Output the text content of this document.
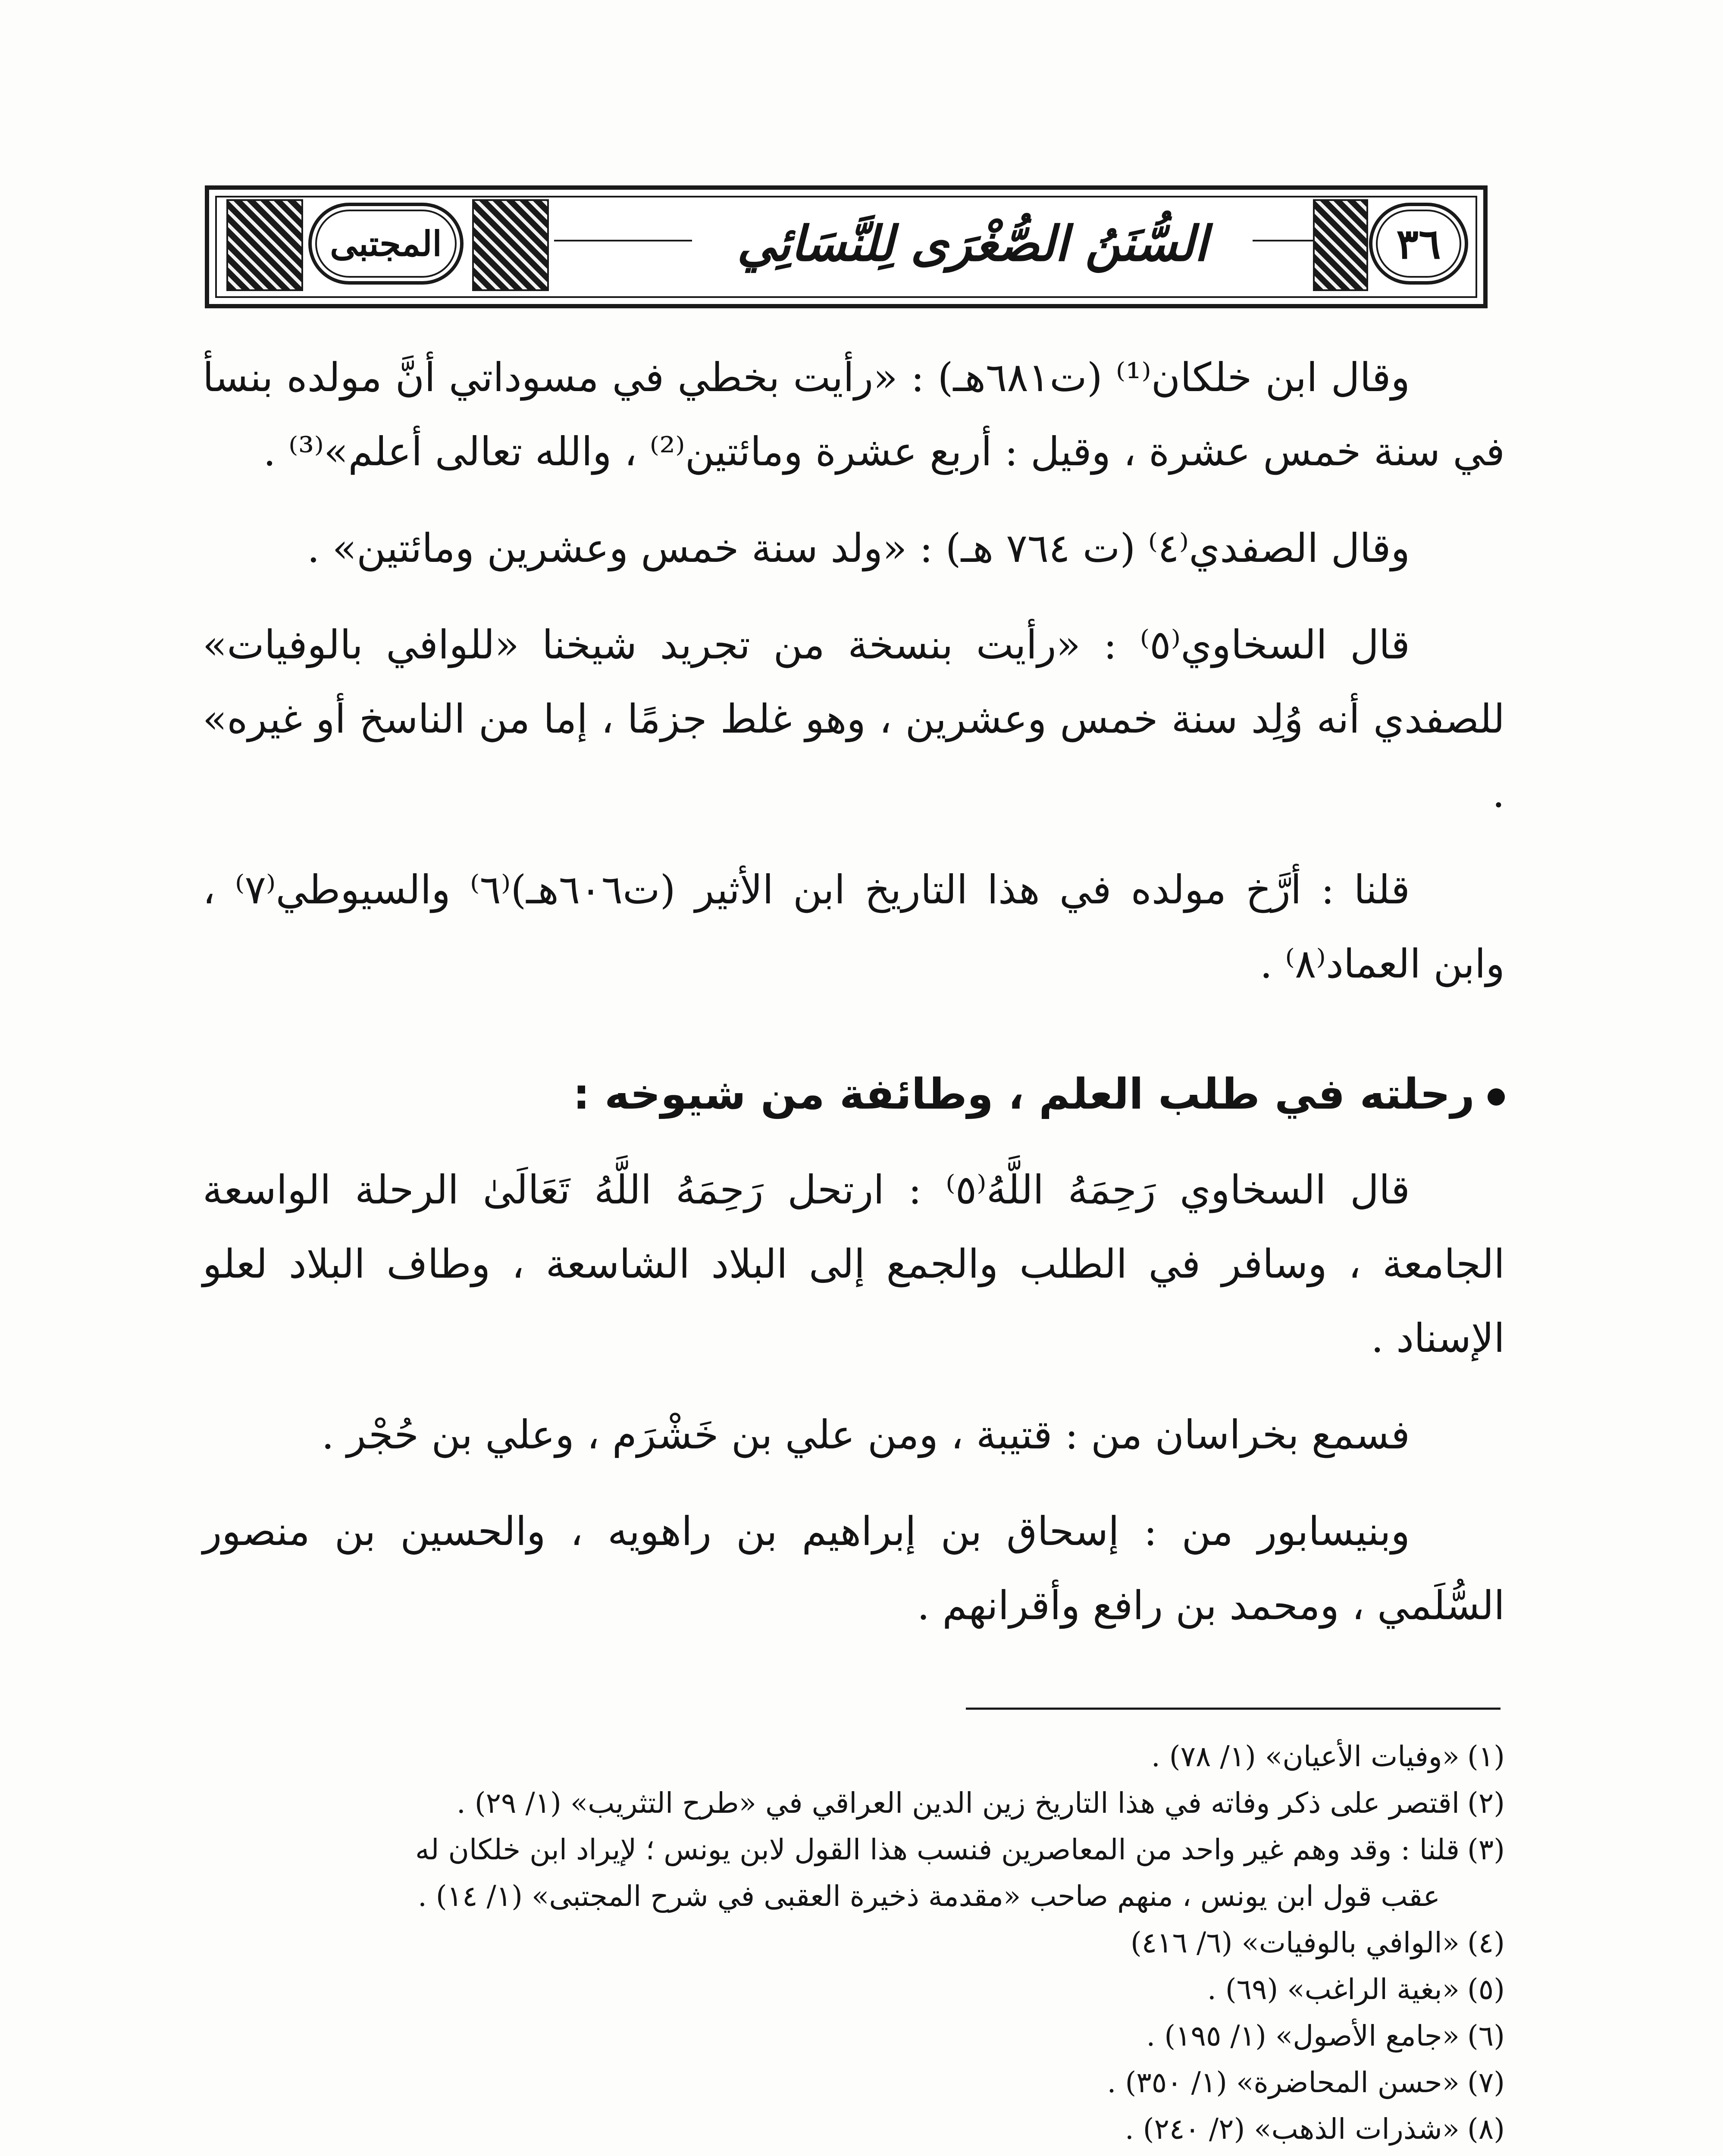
المجتبى	السُّنَنُ الصُّغْرَى لِلنَّسَائِي	٣٦

وقال ابن خلكان⁽¹⁾ (ت٦٨١هـ) : «رأيت بخطي في مسوداتي أنَّ مولده بنسأ في سنة خمس عشرة ، وقيل : أربع عشرة ومائتين⁽²⁾ ، والله تعالى أعلم»⁽³⁾ .

وقال الصفدي⁽٤⁾ (ت ٧٦٤ هـ) : «ولد سنة خمس وعشرين ومائتين» .

قال السخاوي⁽٥⁾ : «رأيت بنسخة من تجريد شيخنا «للوافي بالوفيات» للصفدي أنه وُلِد سنة خمس وعشرين ، وهو غلط جزمًا ، إما من الناسخ أو غيره» .

قلنا : أرَّخ مولده في هذا التاريخ ابن الأثير (ت٦٠٦هـ)⁽٦⁾ والسيوطي⁽٧⁾ ، وابن العماد⁽٨⁾ .

رحلته في طلب العلم ، وطائفة من شيوخه :

قال السخاوي رَحِمَهُ اللَّهُ⁽٥⁾ : ارتحل رَحِمَهُ اللَّهُ تَعَالَىٰ الرحلة الواسعة الجامعة ، وسافر في الطلب والجمع إلى البلاد الشاسعة ، وطاف البلاد لعلو الإسناد .

فسمع بخراسان من : قتيبة ، ومن علي بن خَشْرَم ، وعلي بن حُجْر .

وبنيسابور من : إسحاق بن إبراهيم بن راهويه ، والحسين بن منصور السُّلَمي ، ومحمد بن رافع وأقرانهم .

(١)«وفيات الأعيان» (١/ ٧٨) .

(٢)اقتصر على ذكر وفاته في هذا التاريخ زين الدين العراقي في «طرح التثريب» (١/ ٢٩) .

(٣)قلنا : وقد وهم غير واحد من المعاصرين فنسب هذا القول لابن يونس ؛ لإيراد ابن خلكان له

عقب قول ابن يونس ، منهم صاحب «مقدمة ذخيرة العقبى في شرح المجتبى» (١/ ١٤) .

(٤)«الوافي بالوفيات» (٦/ ٤١٦)

(٥)«بغية الراغب» (٦٩) .

(٦)«جامع الأصول» (١/ ١٩٥) .

(٧)«حسن المحاضرة» (١/ ٣٥٠) .

(٨)«شذرات الذهب» (٢/ ٢٤٠) .
